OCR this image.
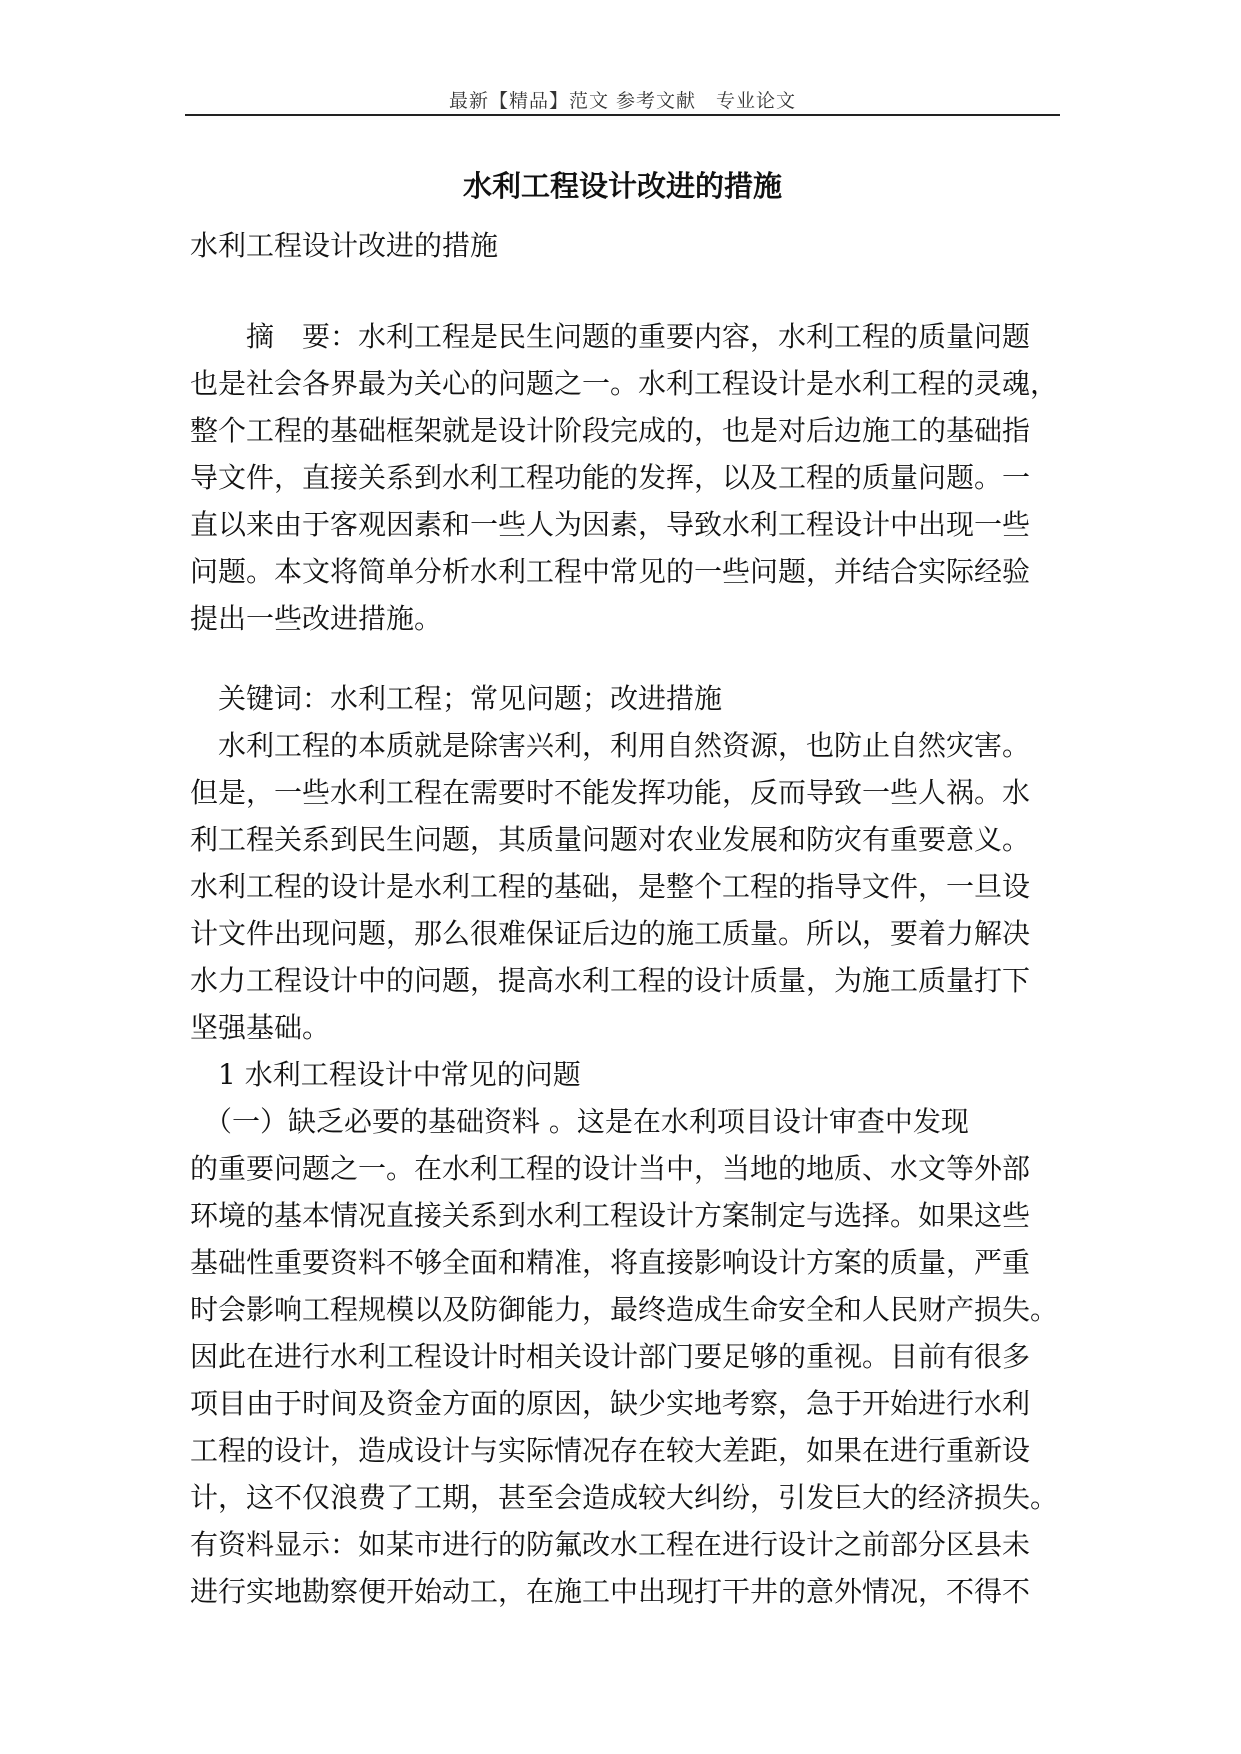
最新【精品】范文 参考文献　专业论文
水利工程设计改进的措施
水利工程设计改进的措施
　　摘　要：水利工程是民生问题的重要内容，水利工程的质量问题
也是社会各界最为关心的问题之一。水利工程设计是水利工程的灵魂，
整个工程的基础框架就是设计阶段完成的，也是对后边施工的基础指
导文件，直接关系到水利工程功能的发挥，以及工程的质量问题。一
直以来由于客观因素和一些人为因素，导致水利工程设计中出现一些
问题。本文将简单分析水利工程中常见的一些问题，并结合实际经验
提出一些改进措施。
　关键词：水利工程；常见问题；改进措施
　水利工程的本质就是除害兴利，利用自然资源，也防止自然灾害。
但是，一些水利工程在需要时不能发挥功能，反而导致一些人祸。水
利工程关系到民生问题，其质量问题对农业发展和防灾有重要意义。
水利工程的设计是水利工程的基础，是整个工程的指导文件，一旦设
计文件出现问题，那么很难保证后边的施工质量。所以，要着力解决
水力工程设计中的问题，提高水利工程的设计质量，为施工质量打下
坚强基础。
　1 水利工程设计中常见的问题
　（一）缺乏必要的基础资料 。这是在水利项目设计审查中发现
的重要问题之一。在水利工程的设计当中，当地的地质、水文等外部
环境的基本情况直接关系到水利工程设计方案制定与选择。如果这些
基础性重要资料不够全面和精准，将直接影响设计方案的质量，严重
时会影响工程规模以及防御能力，最终造成生命安全和人民财产损失。
因此在进行水利工程设计时相关设计部门要足够的重视。目前有很多
项目由于时间及资金方面的原因，缺少实地考察，急于开始进行水利
工程的设计，造成设计与实际情况存在较大差距，如果在进行重新设
计，这不仅浪费了工期，甚至会造成较大纠纷，引发巨大的经济损失。
有资料显示：如某市进行的防氟改水工程在进行设计之前部分区县未
进行实地勘察便开始动工，在施工中出现打干井的意外情况，不得不
